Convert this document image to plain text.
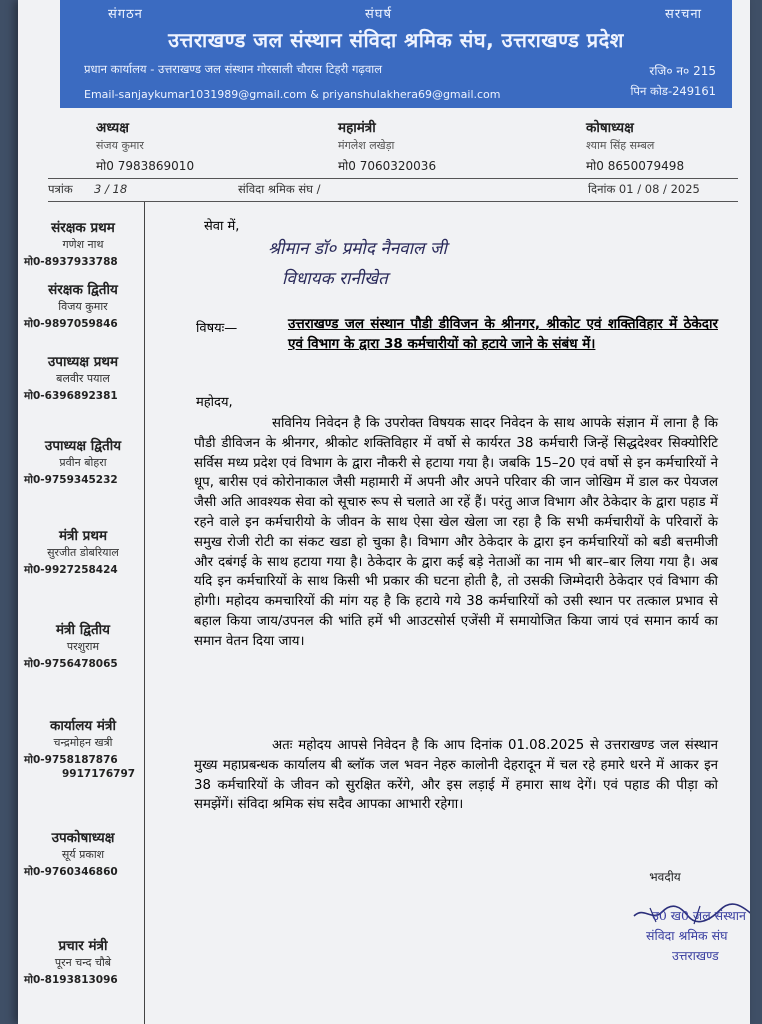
संगठन	संघर्ष	सरचना
उत्तराखण्ड जल संस्थान संविदा श्रमिक संघ, उत्तराखण्ड प्रदेश
प्रधान कार्यालय - उत्तराखण्ड जल संस्थान गोरसाली चौरास टिहरी गढ़वाल	रजि० न० 215
Email-sanjaykumar1031989@gmail.com & priyanshulakhera69@gmail.com	पिन कोड-249161
अध्यक्ष
संजय कुमार
मो0 7983869010
महामंत्री
मंगलेश लखेड़ा
मो0 7060320036
कोषाध्यक्ष
श्याम सिंह सम्बल
मो0 8650079498
पत्रांक 3 / 18	संविदा श्रमिक संघ /	दिनांक 01 / 08 / 2025
संरक्षक प्रथम
गणेश नाथ
मो0-8937933788
संरक्षक द्वितीय
विजय कुमार
मो0-9897059846
उपाध्यक्ष प्रथम
बलवीर पयाल
मो0-6396892381
उपाध्यक्ष द्वितीय
प्रवीन बोहरा
मो0-9759345232
मंत्री प्रथम
सुरजीत डोबरियाल
मो0-9927258424
मंत्री द्वितीय
परशुराम
मो0-9756478065
कार्यालय मंत्री
चन्द्रमोहन खत्री
मो0-9758187876
9917176797
उपकोषाध्यक्ष
सूर्य प्रकाश
मो0-9760346860
प्रचार मंत्री
पूरन चन्द चौबे
मो0-8193813096
सेवा में,
श्रीमान डॉ० प्रमोद नैनवाल जी
विधायक रानीखेत
विषयः—	उत्तराखण्ड जल संस्थान पौडी डीविजन के श्रीनगर, श्रीकोट एवं शक्तिविहार में ठेकेदार एवं विभाग के द्वारा 38 कर्मचारीयों को हटाये जाने के संबंध में।
महोदय,
सविनिय निवेदन है कि उपरोक्त विषयक सादर निवेदन के साथ आपके संज्ञान में लाना है कि पौडी डीविजन के श्रीनगर, श्रीकोट शक्तिविहार में वर्षो से कार्यरत 38 कर्मचारी जिन्हें सिद्धदेश्वर सिक्योरिटि सर्विस मध्य प्रदेश एवं विभाग के द्वारा नौकरी से हटाया गया है। जबकि 15–20 एवं वर्षो से इन कर्मचारियों ने धूप, बारीस एवं कोरोनाकाल जैसी महामारी में अपनी और अपने परिवार की जान जोखिम में डाल कर पेयजल जैसी अति आवश्यक सेवा को सूचारु रूप से चलाते आ रहें हैं। परंतु आज विभाग और ठेकेदार के द्वारा पहाड में रहने वाले इन कर्मचारीयो के जीवन के साथ ऐसा खेल खेला जा रहा है कि सभी कर्मचारीयों के परिवारों के समुख रोजी रोटी का संकट खडा हो चुका है। विभाग और ठेकेदार के द्वारा इन कर्मचारियों को बडी बत्तमीजी और दबंगई के साथ हटाया गया है। ठेकेदार के द्वारा कई बड़े नेताओं का नाम भी बार–बार लिया गया है। अब यदि इन कर्मचारियों के साथ किसी भी प्रकार की घटना होती है, तो उसकी जिम्मेदारी ठेकेदार एवं विभाग की होगी। महोदय कमचारियों की मांग यह है कि हटाये गये 38 कर्मचारियों को उसी स्थान पर तत्काल प्रभाव से बहाल किया जाय/उपनल की भांति हमें भी आउटसोर्स एजेंसी में समायोजित किया जायं एवं समान कार्य का समान वेतन दिया जाय।
अतः महोदय आपसे निवेदन है कि आप दिनांक 01.08.2025 से उत्तराखण्ड जल संस्थान मुख्य महाप्रबन्धक कार्यालय बी ब्लॉक जल भवन नेहरु कालोनी देहरादून में चल रहे हमारे धरने में आकर इन 38 कर्मचारियों के जीवन को सुरक्षित करेंगे, और इस लड़ाई में हमारा साथ देगें। एवं पहाड की पीड़ा को समझेंगें। संविदा श्रमिक संघ सदैव आपका आभारी रहेगा।
भवदीय
उ0 ख0 जल संस्थान
संविदा श्रमिक संघ
उत्तराखण्ड
